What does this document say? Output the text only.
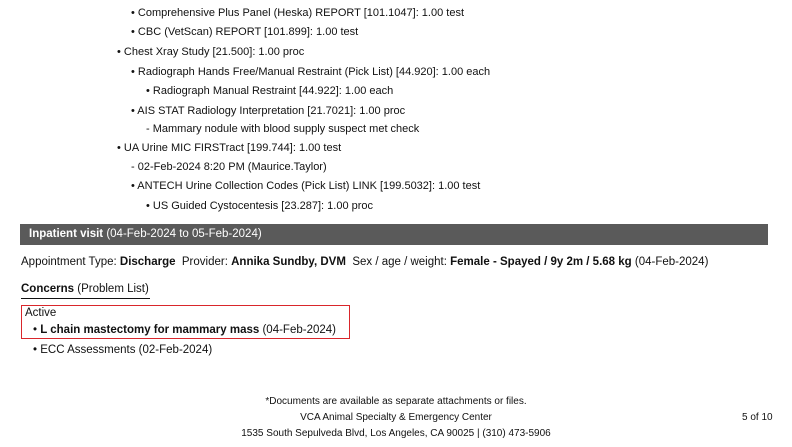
• Comprehensive Plus Panel (Heska) REPORT [101.1047]: 1.00 test
• CBC (VetScan) REPORT [101.899]: 1.00 test
• Chest Xray Study [21.500]: 1.00 proc
• Radiograph Hands Free/Manual Restraint (Pick List) [44.920]: 1.00 each
• Radiograph Manual Restraint [44.922]: 1.00 each
• AIS STAT Radiology Interpretation [21.7021]: 1.00 proc
- Mammary nodule with blood supply suspect met check
• UA Urine MIC FIRSTract [199.744]: 1.00 test
- 02-Feb-2024 8:20 PM (Maurice.Taylor)
• ANTECH Urine Collection Codes (Pick List) LINK [199.5032]: 1.00 test
• US Guided Cystocentesis [23.287]: 1.00 proc
Inpatient visit (04-Feb-2024 to 05-Feb-2024)
Appointment Type: Discharge Provider: Annika Sundby, DVM Sex / age / weight: Female - Spayed / 9y 2m / 5.68 kg (04-Feb-2024)
Concerns (Problem List)
Active
• L chain mastectomy for mammary mass (04-Feb-2024)
• ECC Assessments (02-Feb-2024)
*Documents are available as separate attachments or files.
VCA Animal Specialty & Emergency Center
1535 South Sepulveda Blvd, Los Angeles, CA 90025 | (310) 473-5906
5 of 10
